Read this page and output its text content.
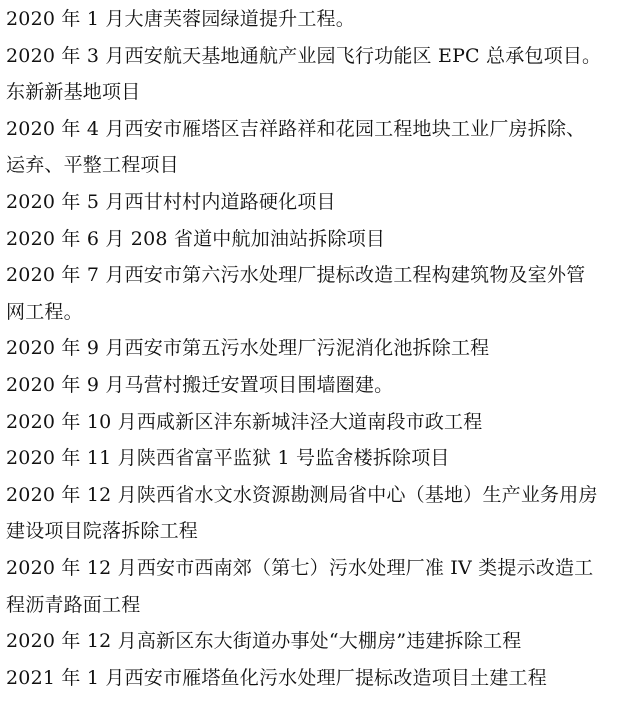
2020 年 1 月大唐芙蓉园绿道提升工程。
2020 年 3 月西安航天基地通航产业园飞行功能区 EPC 总承包项目。
东新新基地项目
2020 年 4 月西安市雁塔区吉祥路祥和花园工程地块工业厂房拆除、
运弃、平整工程项目
2020 年 5 月西甘村村内道路硬化项目
2020 年 6 月 208 省道中航加油站拆除项目
2020 年 7 月西安市第六污水处理厂提标改造工程构建筑物及室外管
网工程。
2020 年 9 月西安市第五污水处理厂污泥消化池拆除工程
2020 年 9 月马营村搬迁安置项目围墙圈建。
2020 年 10 月西咸新区沣东新城沣泾大道南段市政工程
2020 年 11 月陕西省富平监狱 1 号监舍楼拆除项目
2020 年 12 月陕西省水文水资源勘测局省中心（基地）生产业务用房
建设项目院落拆除工程
2020 年 12 月西安市西南郊（第七）污水处理厂准 IV 类提示改造工
程沥青路面工程
2020 年 12 月高新区东大街道办事处“大棚房”违建拆除工程
2021 年 1 月西安市雁塔鱼化污水处理厂提标改造项目土建工程
